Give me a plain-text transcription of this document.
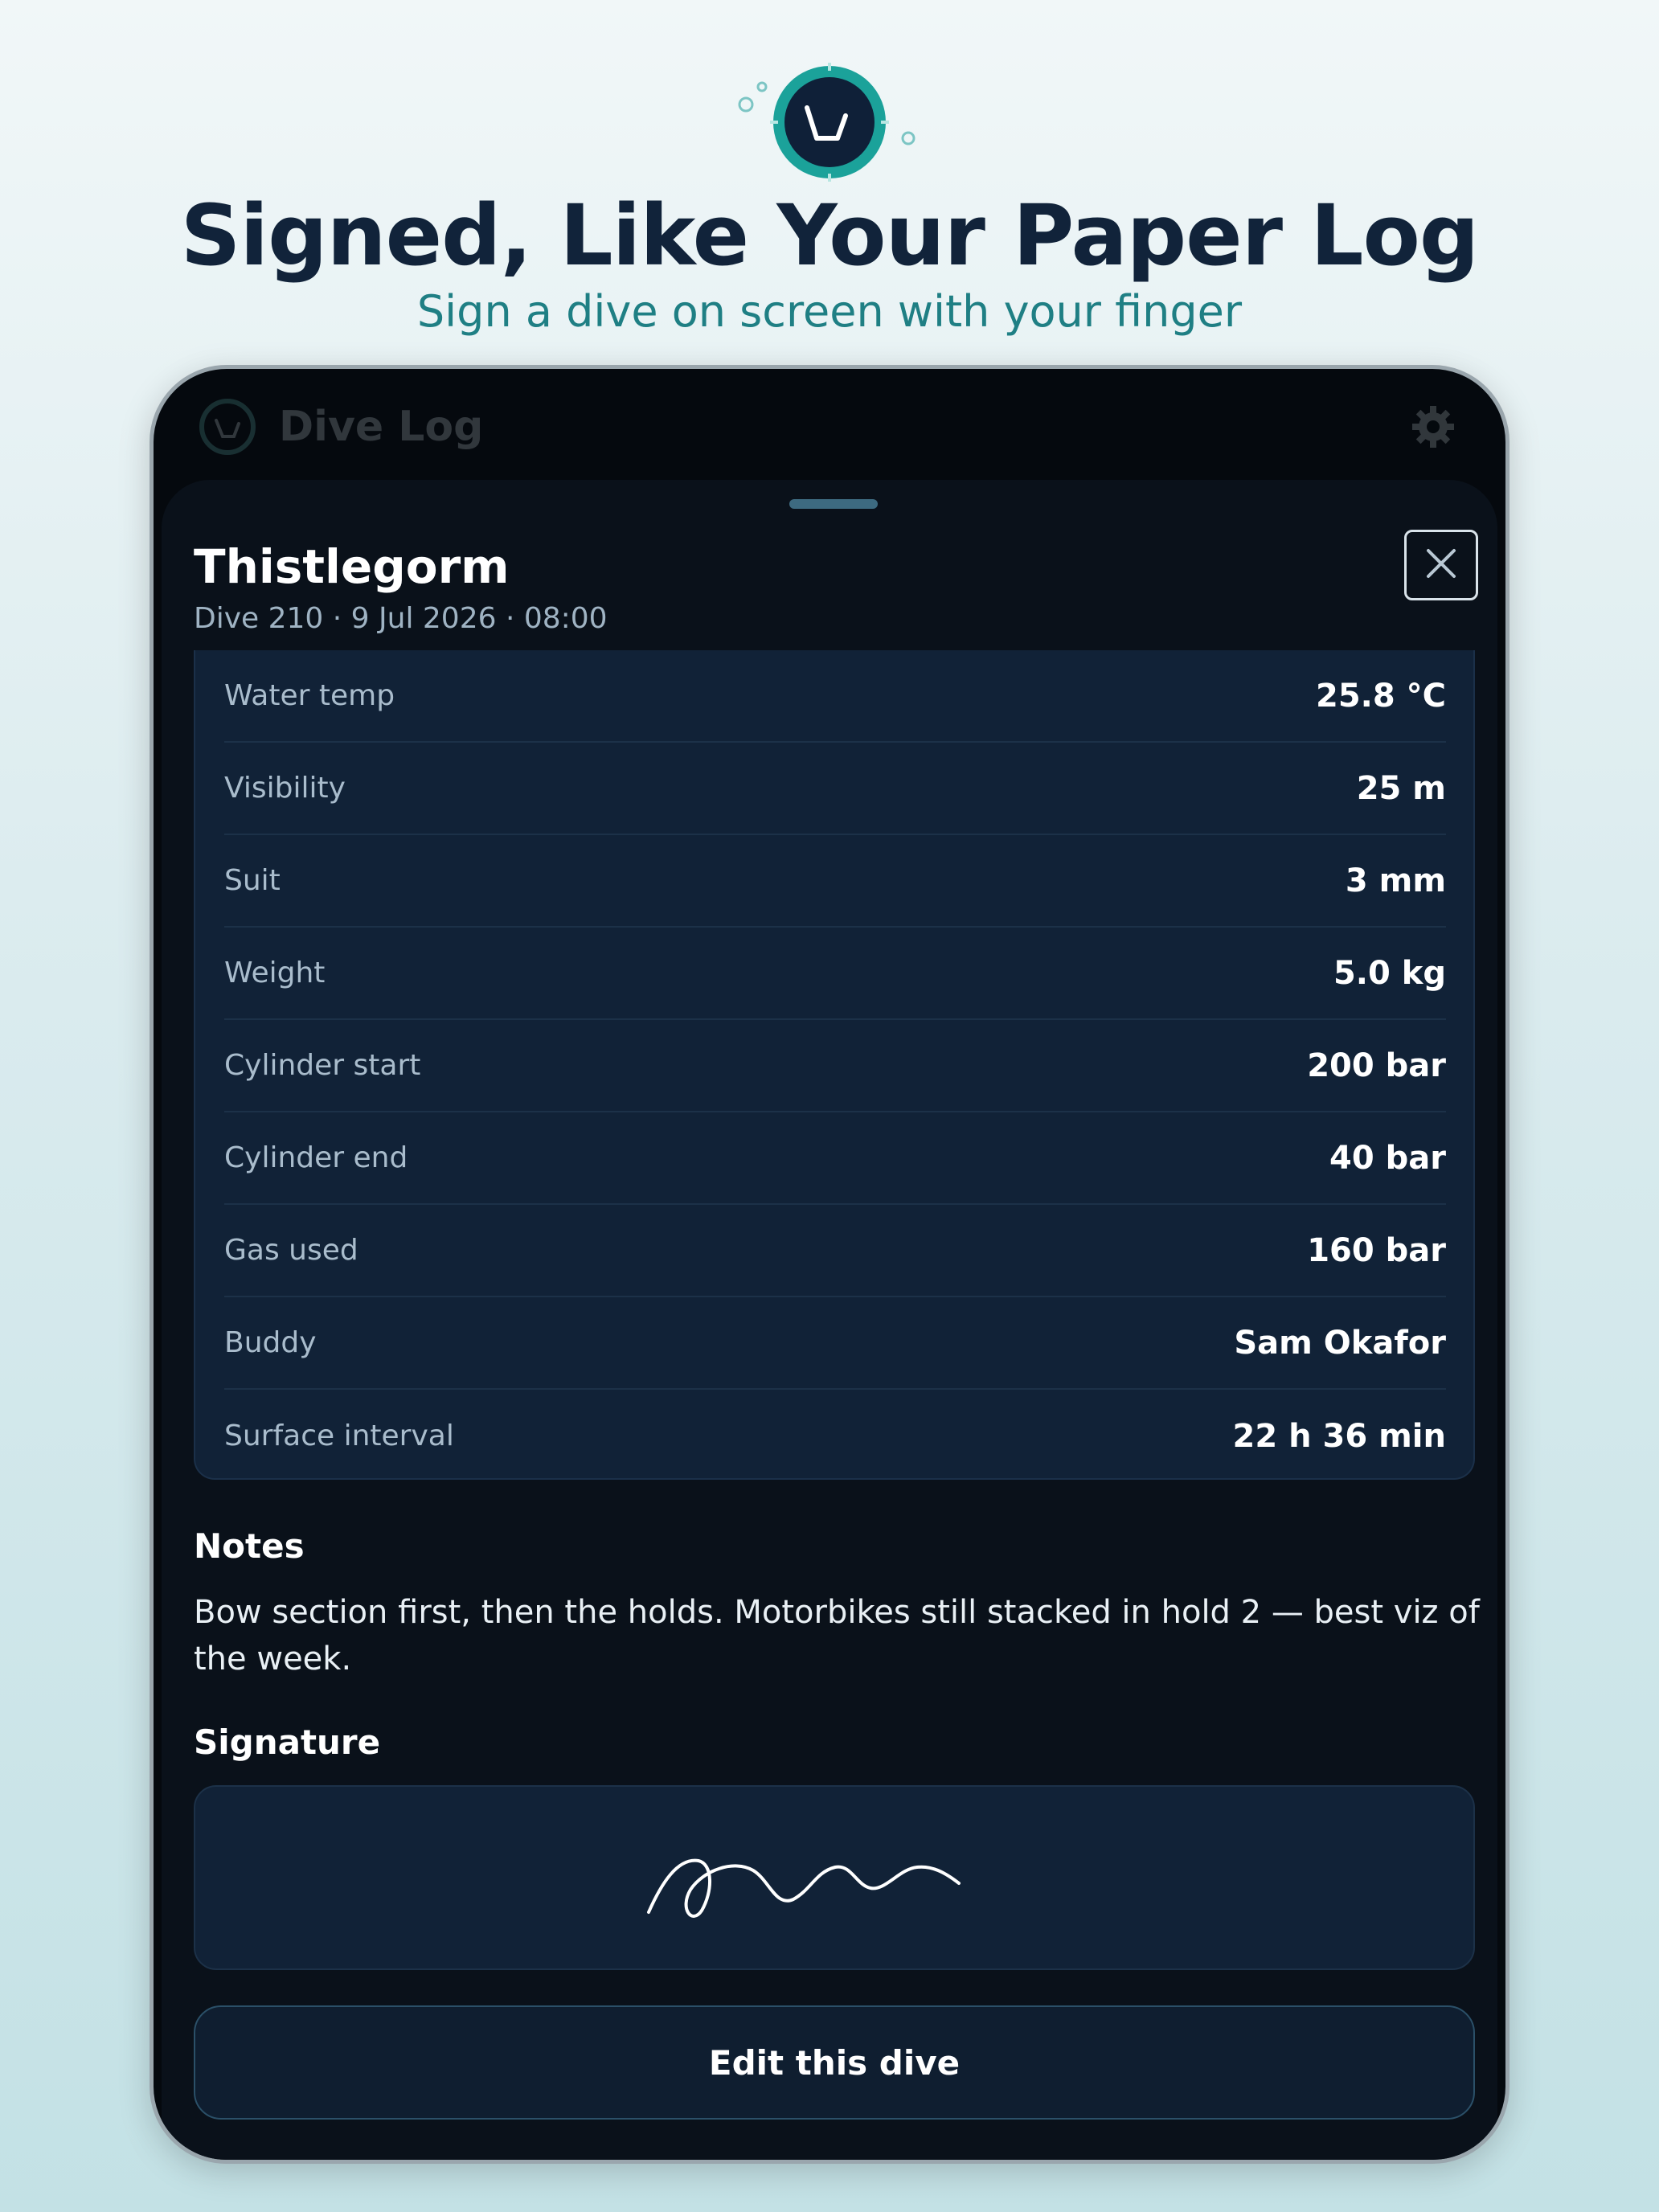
Signed, Like Your Paper Log
Sign a dive on screen with your finger
Dive Log
Thistlegorm
Dive 210 · 9 Jul 2026 · 08:00
Water temp	25.8 °C
Visibility	25 m
Suit	3 mm
Weight	5.0 kg
Cylinder start	200 bar
Cylinder end	40 bar
Gas used	160 bar
Buddy	Sam Okafor
Surface interval	22 h 36 min
Notes
Bow section first, then the holds. Motorbikes still stacked in hold 2 — best viz of the week.
Signature
Edit this dive
